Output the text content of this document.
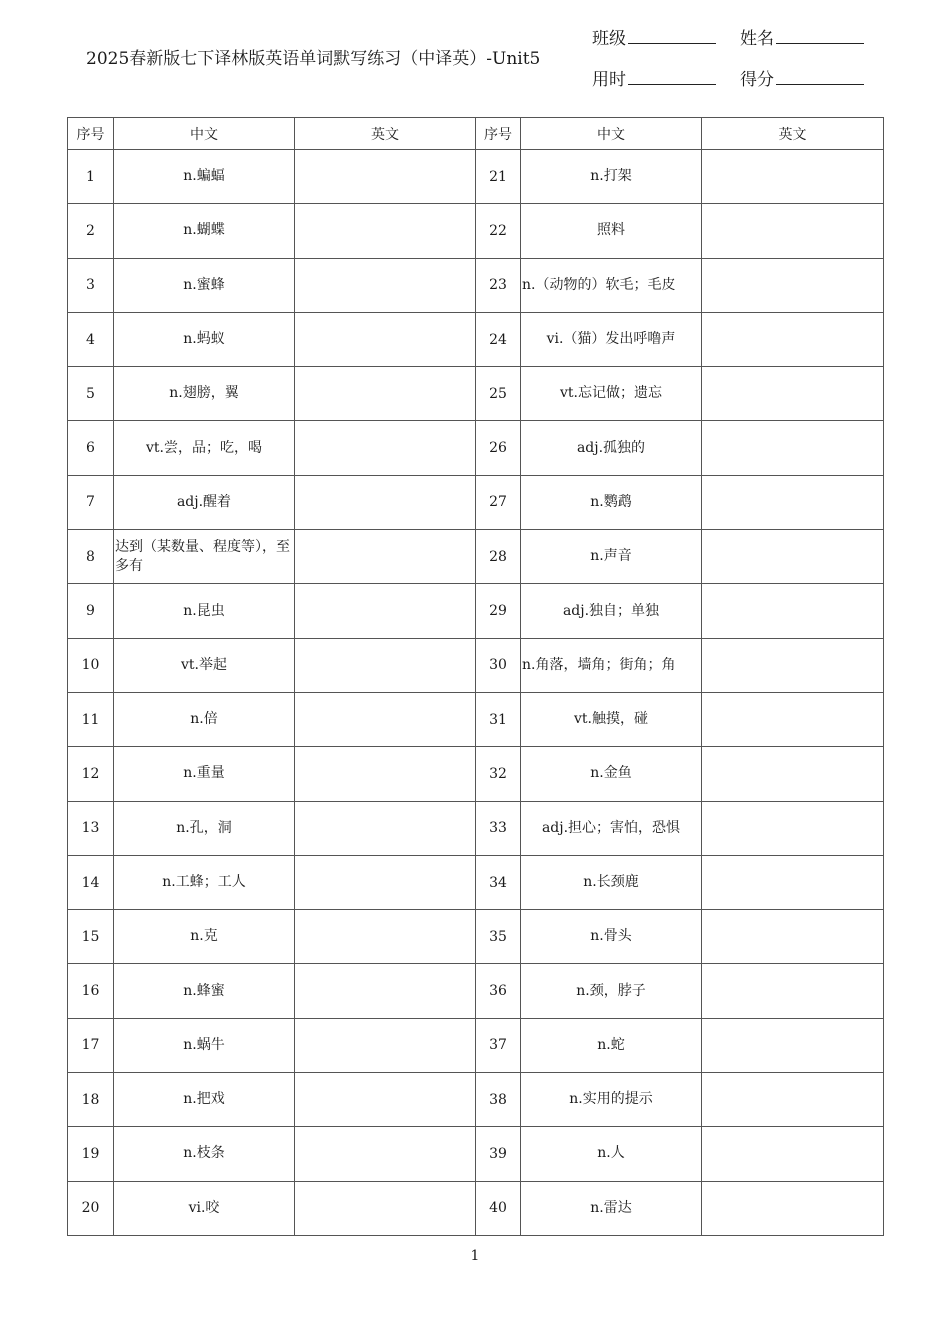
2025春新版七下译林版英语单词默写练习（中译英）-Unit5
班级	姓名
用时	得分
序号	中文	英文	序号	中文	英文
1	n.蝙蝠		21	n.打架	
2	n.蝴蝶		22	照料	
3	n.蜜蜂		23	n.（动物的）软毛；毛皮	
4	n.蚂蚁		24	vi.（猫）发出呼噜声	
5	n.翅膀，翼		25	vt.忘记做；遗忘	
6	vt.尝，品；吃，喝		26	adj.孤独的	
7	adj.醒着		27	n.鹦鹉	
8	达到（某数量、程度等），至多有		28	n.声音	
9	n.昆虫		29	adj.独自；单独	
10	vt.举起		30	n.角落，墙角；街角；角	
11	n.倍		31	vt.触摸，碰	
12	n.重量		32	n.金鱼	
13	n.孔，洞		33	adj.担心；害怕，恐惧	
14	n.工蜂；工人		34	n.长颈鹿	
15	n.克		35	n.骨头	
16	n.蜂蜜		36	n.颈，脖子	
17	n.蜗牛		37	n.蛇	
18	n.把戏		38	n.实用的提示	
19	n.枝条		39	n.人	
20	vi.咬		40	n.雷达	
1
